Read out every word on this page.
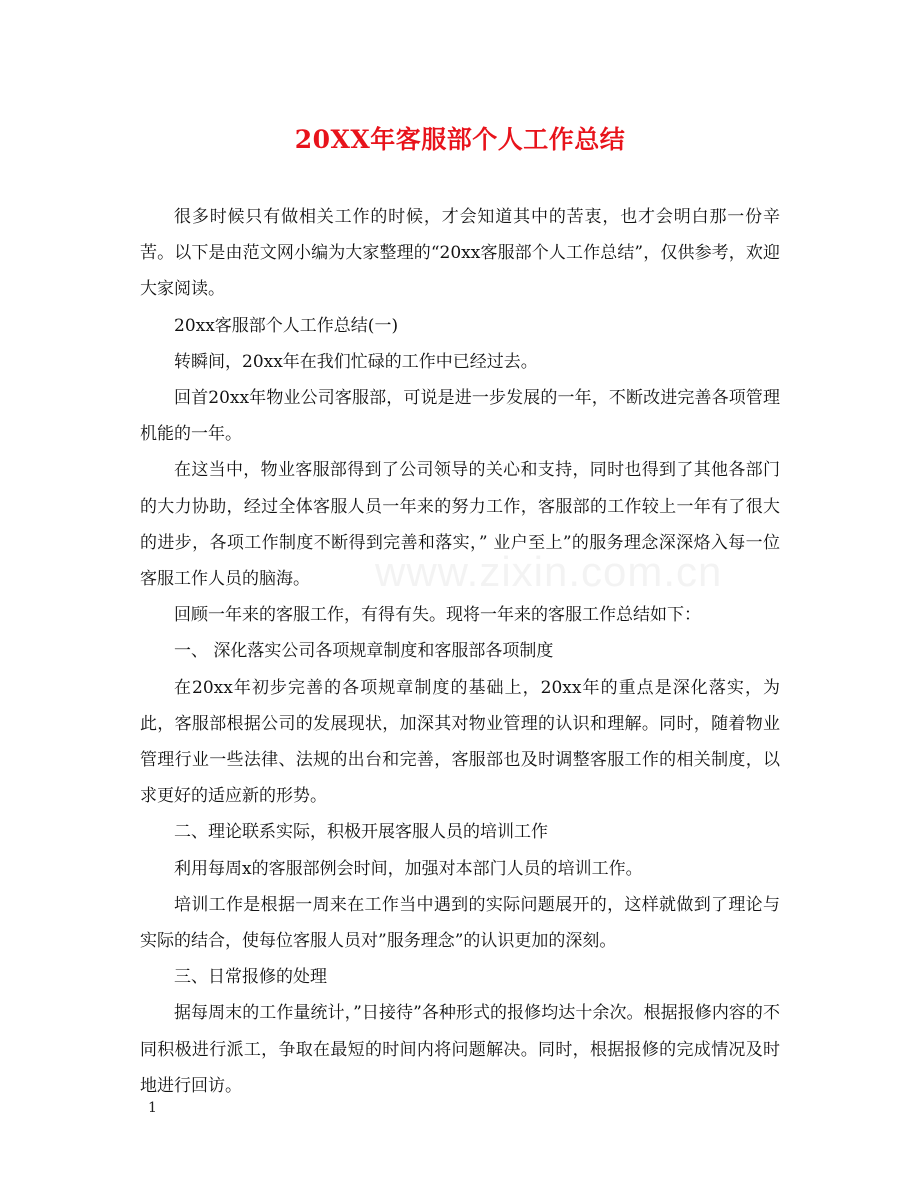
20XX年客服部个人工作总结

很多时候只有做相关工作的时候，才会知道其中的苦衷，也才会明白那一份辛苦。以下是由范文网小编为大家整理的“20xx客服部个人工作总结”，仅供参考，欢迎大家阅读。

20xx客服部个人工作总结(一)

转瞬间，20xx年在我们忙碌的工作中已经过去。

回首20xx年物业公司客服部，可说是进一步发展的一年，不断改进完善各项管理机能的一年。

在这当中，物业客服部得到了公司领导的关心和支持，同时也得到了其他各部门的大力协助，经过全体客服人员一年来的努力工作，客服部的工作较上一年有了很大的进步，各项工作制度不断得到完善和落实，” 业户至上”的服务理念深深烙入每一位客服工作人员的脑海。

回顾一年来的客服工作，有得有失。现将一年来的客服工作总结如下：

一、 深化落实公司各项规章制度和客服部各项制度

在20xx年初步完善的各项规章制度的基础上，20xx年的重点是深化落实，为此，客服部根据公司的发展现状，加深其对物业管理的认识和理解。同时，随着物业管理行业一些法律、法规的出台和完善，客服部也及时调整客服工作的相关制度，以求更好的适应新的形势。

二、理论联系实际，积极开展客服人员的培训工作

利用每周x的客服部例会时间，加强对本部门人员的培训工作。

培训工作是根据一周来在工作当中遇到的实际问题展开的，这样就做到了理论与实际的结合，使每位客服人员对”服务理念”的认识更加的深刻。

三、日常报修的处理

据每周末的工作量统计，”日接待”各种形式的报修均达十余次。根据报修内容的不同积极进行派工，争取在最短的时间内将问题解决。同时，根据报修的完成情况及时地进行回访。

www.zixin.com.cn
1
